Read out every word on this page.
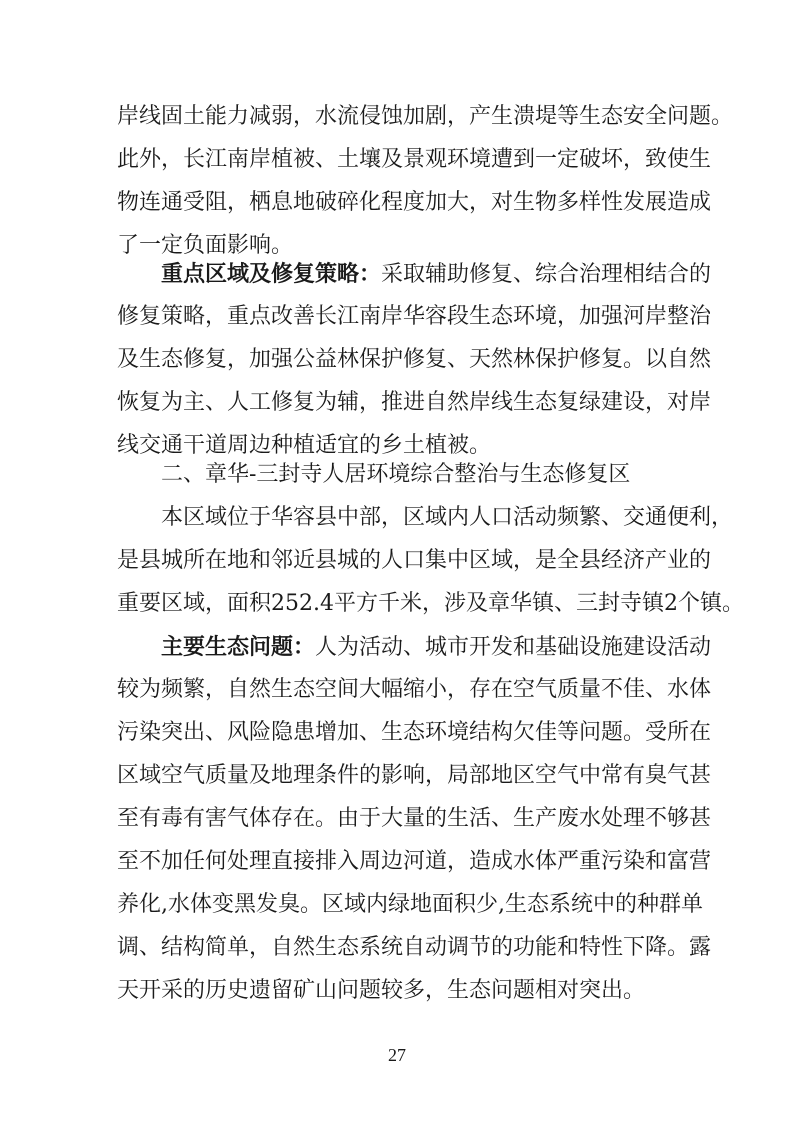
岸线固土能力减弱，水流侵蚀加剧，产生溃堤等生态安全问题。
此外，长江南岸植被、土壤及景观环境遭到一定破坏，致使生
物连通受阻，栖息地破碎化程度加大，对生物多样性发展造成
了一定负面影响。
重点区域及修复策略：采取辅助修复、综合治理相结合的
修复策略，重点改善长江南岸华容段生态环境，加强河岸整治
及生态修复，加强公益林保护修复、天然林保护修复。以自然
恢复为主、人工修复为辅，推进自然岸线生态复绿建设，对岸
线交通干道周边种植适宜的乡土植被。
二、章华-三封寺人居环境综合整治与生态修复区
本区域位于华容县中部，区域内人口活动频繁、交通便利，
是县城所在地和邻近县城的人口集中区域，是全县经济产业的
重要区域，面积252.4平方千米，涉及章华镇、三封寺镇2个镇。
主要生态问题：人为活动、城市开发和基础设施建设活动
较为频繁，自然生态空间大幅缩小，存在空气质量不佳、水体
污染突出、风险隐患增加、生态环境结构欠佳等问题。受所在
区域空气质量及地理条件的影响，局部地区空气中常有臭气甚
至有毒有害气体存在。由于大量的生活、生产废水处理不够甚
至不加任何处理直接排入周边河道，造成水体严重污染和富营
养化,水体变黑发臭。区域内绿地面积少,生态系统中的种群单
调、结构简单，自然生态系统自动调节的功能和特性下降。露
天开采的历史遗留矿山问题较多，生态问题相对突出。
27
